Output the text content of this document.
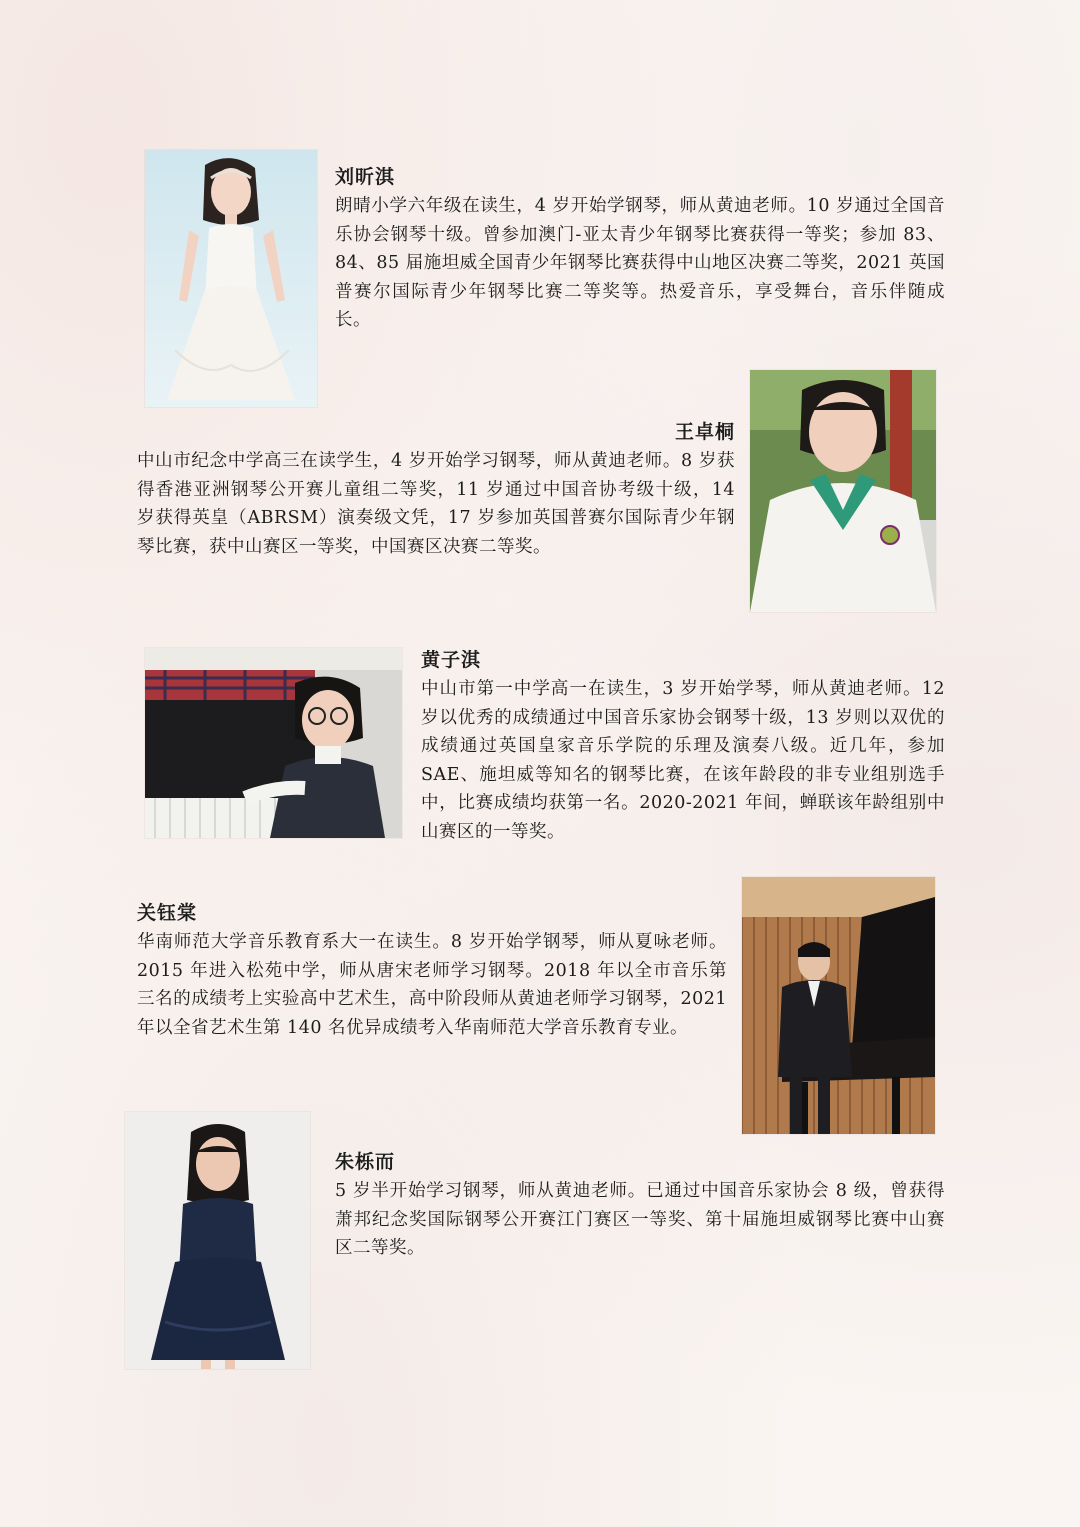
刘昕淇

朗晴小学六年级在读生，4 岁开始学钢琴，师从黄迪老师。10 岁通过全国音乐协会钢琴十级。曾参加澳门-亚太青少年钢琴比赛获得一等奖；参加 83、84、85 届施坦威全国青少年钢琴比赛获得中山地区决赛二等奖，2021 英国普赛尔国际青少年钢琴比赛二等奖等。热爱音乐，享受舞台，音乐伴随成长。

王卓桐

中山市纪念中学高三在读学生，4 岁开始学习钢琴，师从黄迪老师。8 岁获得香港亚洲钢琴公开赛儿童组二等奖，11 岁通过中国音协考级十级，14 岁获得英皇（ABRSM）演奏级文凭，17 岁参加英国普赛尔国际青少年钢琴比赛，获中山赛区一等奖，中国赛区决赛二等奖。

黄子淇

中山市第一中学高一在读生，3 岁开始学琴，师从黄迪老师。12 岁以优秀的成绩通过中国音乐家协会钢琴十级，13 岁则以双优的成绩通过英国皇家音乐学院的乐理及演奏八级。近几年，参加 SAE、施坦威等知名的钢琴比赛，在该年龄段的非专业组别选手中，比赛成绩均获第一名。2020-2021 年间，蝉联该年龄组别中山赛区的一等奖。

关钰棠

华南师范大学音乐教育系大一在读生。8 岁开始学钢琴，师从夏咏老师。2015 年进入松苑中学，师从唐宋老师学习钢琴。2018 年以全市音乐第三名的成绩考上实验高中艺术生，高中阶段师从黄迪老师学习钢琴，2021 年以全省艺术生第 140 名优异成绩考入华南师范大学音乐教育专业。

朱栎而

5 岁半开始学习钢琴，师从黄迪老师。已通过中国音乐家协会 8 级，曾获得萧邦纪念奖国际钢琴公开赛江门赛区一等奖、第十届施坦威钢琴比赛中山赛区二等奖。
